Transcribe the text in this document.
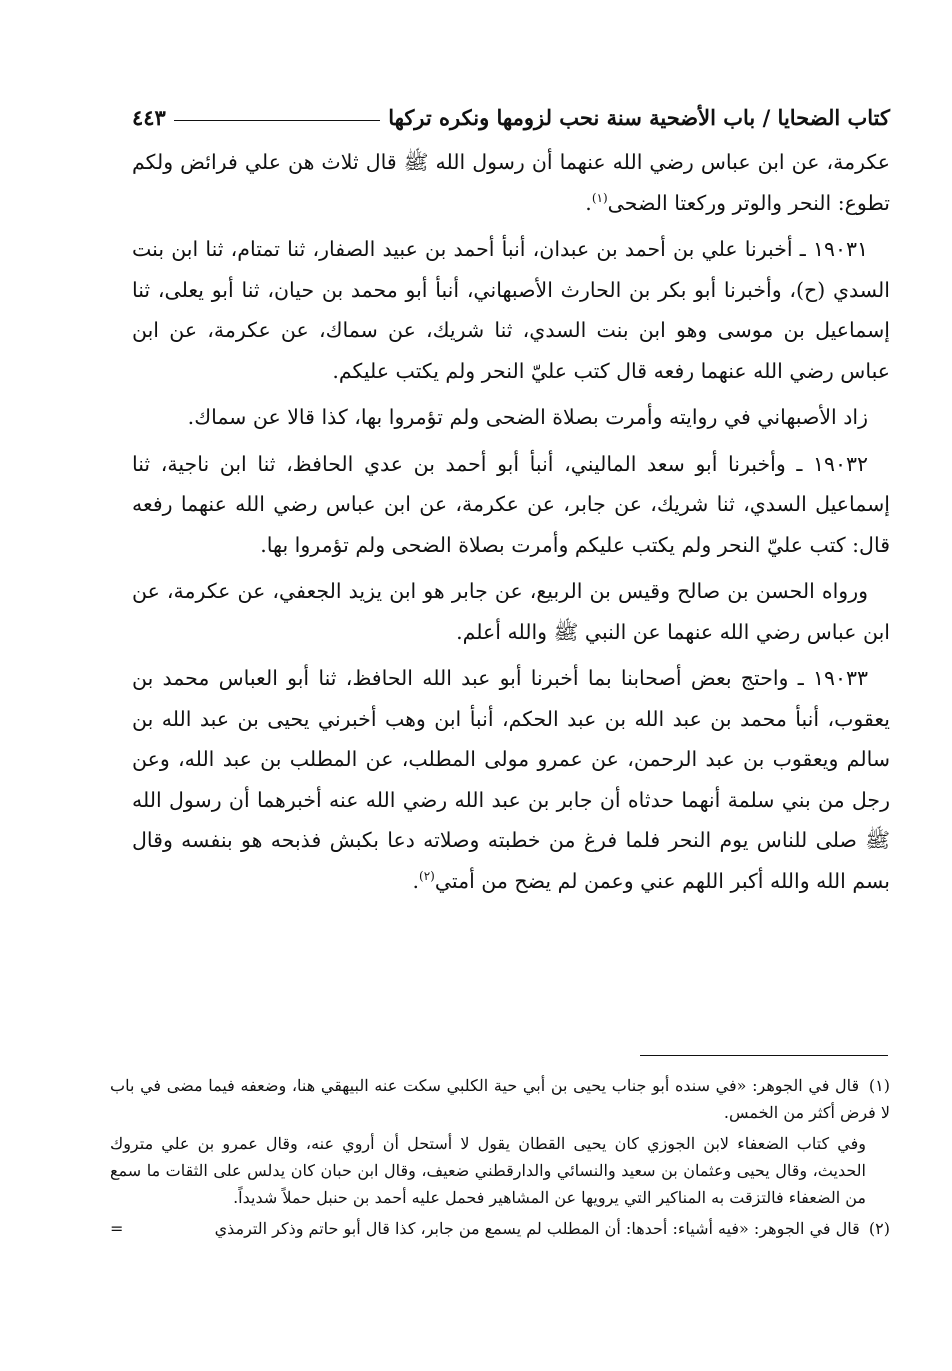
كتاب الضحايا / باب الأضحية سنة نحب لزومها ونكره تركها
٤٤٣

عكرمة، عن ابن عباس رضي الله عنهما أن رسول الله ﷺ قال ثلاث هن علي فرائض ولكم تطوع: النحر والوتر وركعتا الضحى$^{(١)}$.

١٩٠٣١ ـ أخبرنا علي بن أحمد بن عبدان، أنبأ أحمد بن عبيد الصفار، ثنا تمتام، ثنا ابن بنت السدي (ح)، وأخبرنا أبو بكر بن الحارث الأصبهاني، أنبأ أبو محمد بن حيان، ثنا أبو يعلى، ثنا إسماعيل بن موسى وهو ابن بنت السدي، ثنا شريك، عن سماك، عن عكرمة، عن ابن عباس رضي الله عنهما رفعه قال كتب عليّ النحر ولم يكتب عليكم.

زاد الأصبهاني في روايته وأمرت بصلاة الضحى ولم تؤمروا بها، كذا قالا عن سماك.

١٩٠٣٢ ـ وأخبرنا أبو سعد الماليني، أنبأ أبو أحمد بن عدي الحافظ، ثنا ابن ناجية، ثنا إسماعيل السدي، ثنا شريك، عن جابر، عن عكرمة، عن ابن عباس رضي الله عنهما رفعه قال: كتب عليّ النحر ولم يكتب عليكم وأمرت بصلاة الضحى ولم تؤمروا بها.

ورواه الحسن بن صالح وقيس بن الربيع، عن جابر هو ابن يزيد الجعفي، عن عكرمة، عن ابن عباس رضي الله عنهما عن النبي ﷺ والله أعلم.

١٩٠٣٣ ـ واحتج بعض أصحابنا بما أخبرنا أبو عبد الله الحافظ، ثنا أبو العباس محمد بن يعقوب، أنبأ محمد بن عبد الله بن عبد الحكم، أنبأ ابن وهب أخبرني يحيى بن عبد الله بن سالم ويعقوب بن عبد الرحمن، عن عمرو مولى المطلب، عن المطلب بن عبد الله، وعن رجل من بني سلمة أنهما حدثاه أن جابر بن عبد الله رضي الله عنه أخبرهما أن رسول الله ﷺ صلى للناس يوم النحر فلما فرغ من خطبته وصلاته دعا بكبش فذبحه هو بنفسه وقال بسم الله والله أكبر اللهم عني وعمن لم يضح من أمتي$^{(٢)}$.

(١) قال في الجوهر: «في سنده أبو جناب يحيى بن أبي حية الكلبي سكت عنه البيهقي هنا، وضعفه فيما مضى في باب لا فرض أكثر من الخمس.

وفي كتاب الضعفاء لابن الجوزي كان يحيى القطان يقول لا أستحل أن أروي عنه، وقال عمرو بن علي متروك الحديث، وقال يحيى وعثمان بن سعيد والنسائي والدارقطني ضعيف، وقال ابن حبان كان يدلس على الثقات ما سمع من الضعفاء فالتزقت به المناكير التي يرويها عن المشاهير فحمل عليه أحمد بن حنبل حملاً شديداً.

(٢) قال في الجوهر: «فيه أشياء: أحدها: أن المطلب لم يسمع من جابر، كذا قال أبو حاتم وذكر الترمذي
=
